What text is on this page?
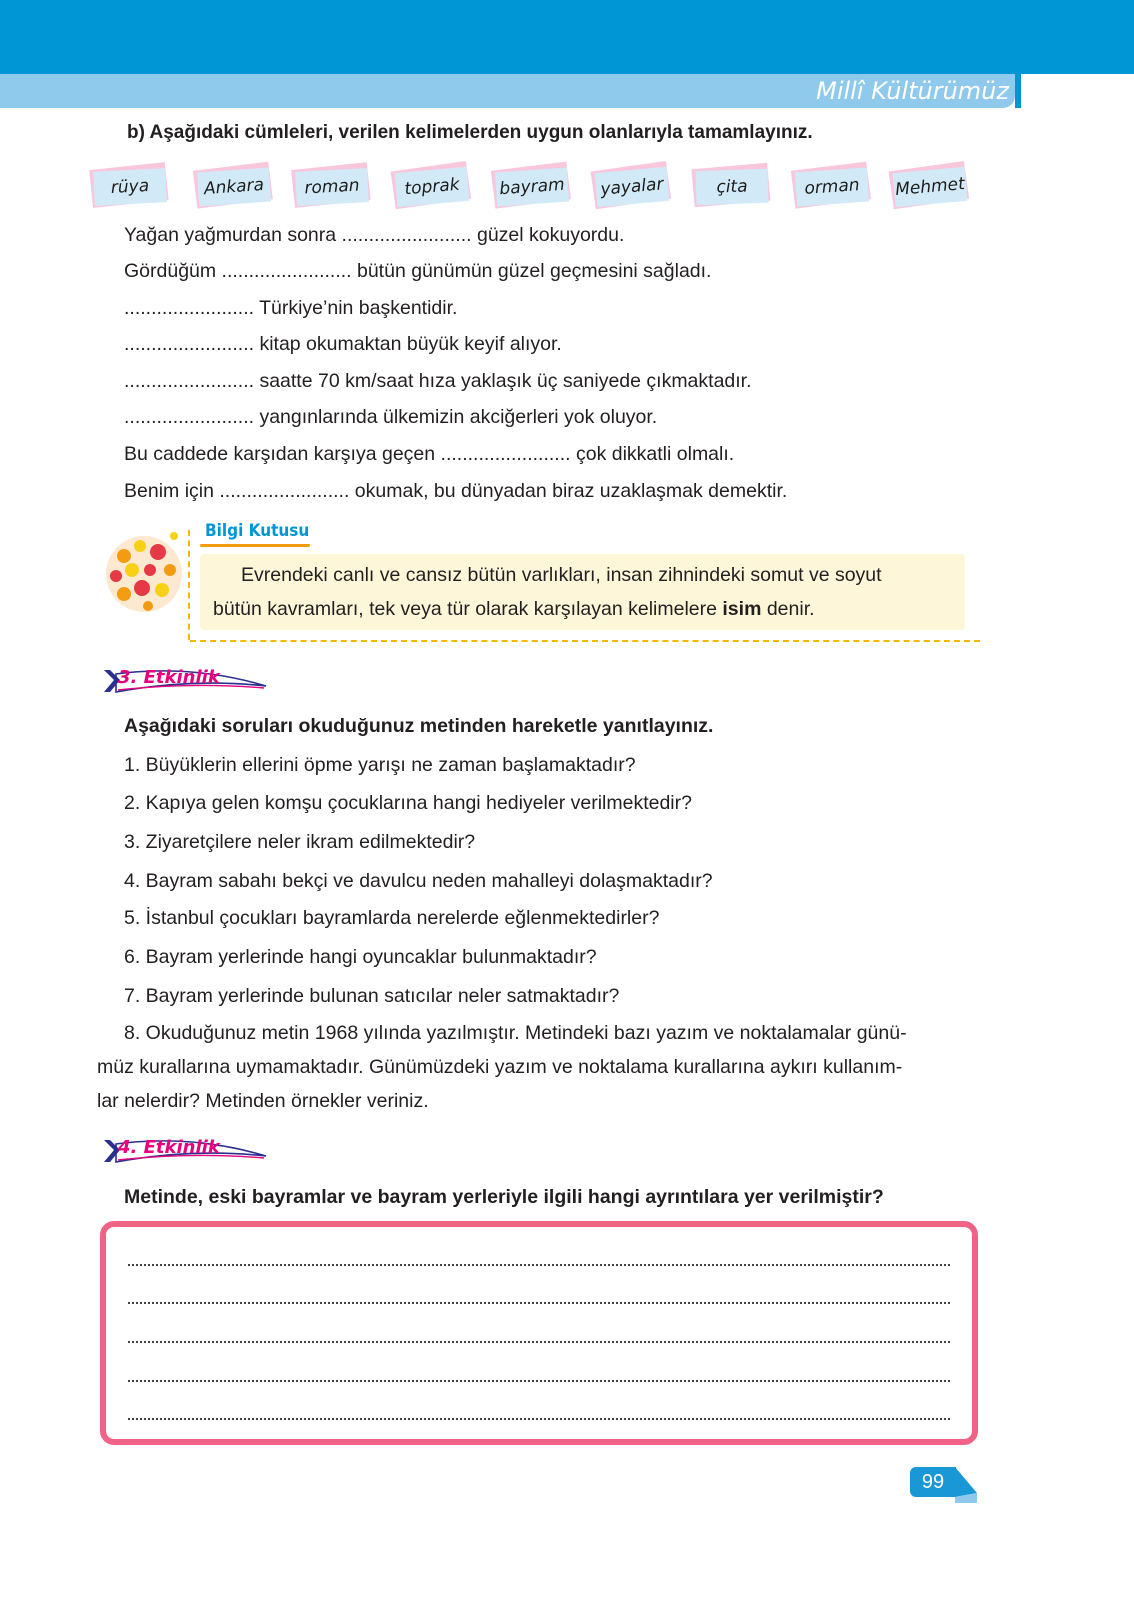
Millî Kültürümüz
b) Aşağıdaki cümleleri, verilen kelimelerden uygun olanlarıyla tamamlayınız.
rüya	Ankara	roman	toprak	bayram yayalar	çita	orman	Mehmet
Yağan yağmurdan sonra ........................ güzel kokuyordu.
Gördüğüm ........................ bütün günümün güzel geçmesini sağladı.
........................ Türkiye’nin başkentidir.
........................ kitap okumaktan büyük keyif alıyor.
........................ saatte 70 km/saat hıza yaklaşık üç saniyede çıkmaktadır.
........................ yangınlarında ülkemizin akciğerleri yok oluyor.
Bu caddede karşıdan karşıya geçen ........................ çok dikkatli olmalı.
Benim için ........................ okumak, bu dünyadan biraz uzaklaşmak demektir.
Bilgi Kutusu
Evrendeki canlı ve cansız bütün varlıkları, insan zihnindeki somut ve soyut
bütün kavramları, tek veya tür olarak karşılayan kelimelere isim denir.
3. Etkinlik
Aşağıdaki soruları okuduğunuz metinden hareketle yanıtlayınız.
1. Büyüklerin ellerini öpme yarışı ne zaman başlamaktadır?
2. Kapıya gelen komşu çocuklarına hangi hediyeler verilmektedir?
3. Ziyaretçilere neler ikram edilmektedir?
4. Bayram sabahı bekçi ve davulcu neden mahalleyi dolaşmaktadır?
5. İstanbul çocukları bayramlarda nerelerde eğlenmektedirler?
6. Bayram yerlerinde hangi oyuncaklar bulunmaktadır?
7. Bayram yerlerinde bulunan satıcılar neler satmaktadır?
8. Okuduğunuz metin 1968 yılında yazılmıştır. Metindeki bazı yazım ve noktalamalar günü-
müz kurallarına uymamaktadır. Günümüzdeki yazım ve noktalama kurallarına aykırı kullanım-
lar nelerdir? Metinden örnekler veriniz.
4. Etkinlik
Metinde, eski bayramlar ve bayram yerleriyle ilgili hangi ayrıntılara yer verilmiştir?
99
